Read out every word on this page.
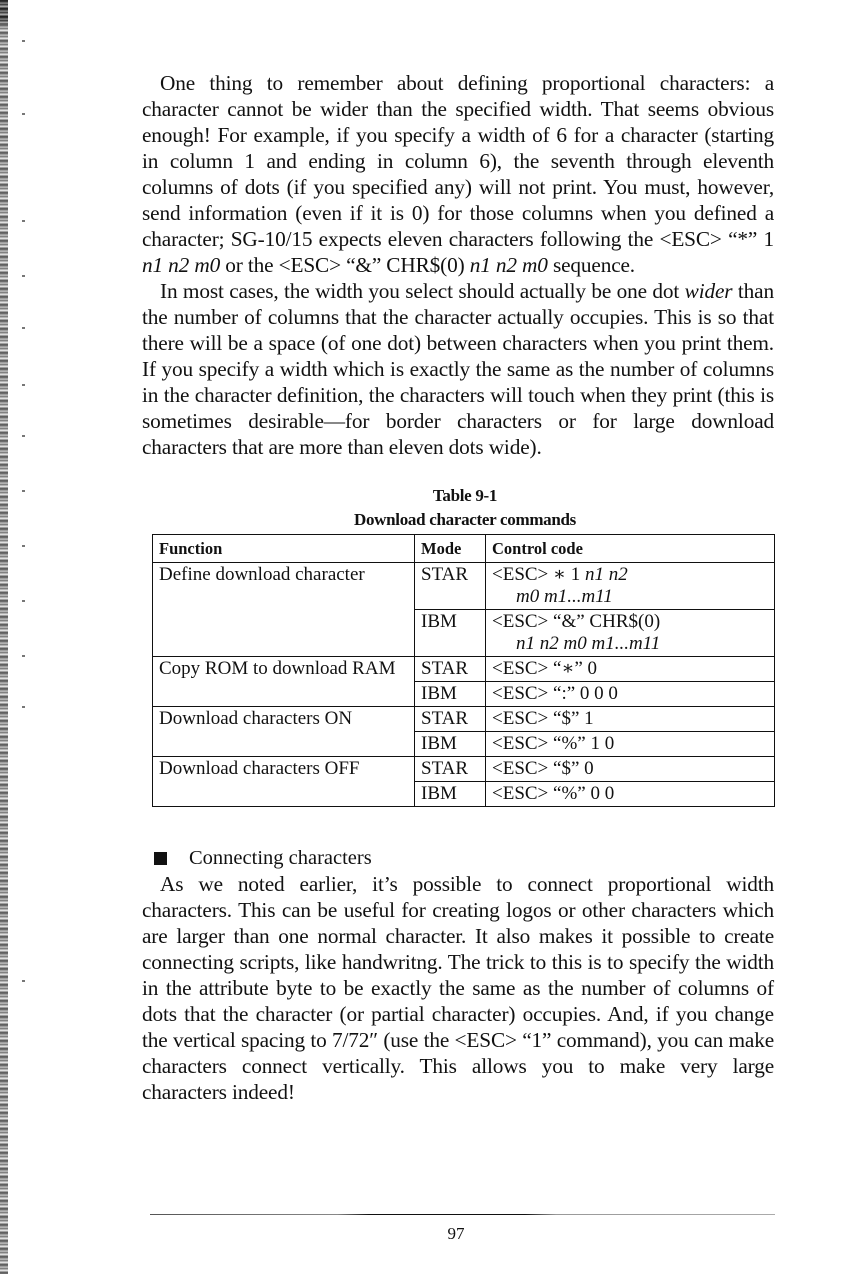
One thing to remember about defining proportional characters: a character cannot be wider than the specified width. That seems obvious enough! For example, if you specify a width of 6 for a character (starting in column 1 and ending in column 6), the seventh through eleventh columns of dots (if you specified any) will not print. You must, however, send information (even if it is 0) for those columns when you defined a character; SG-10/15 expects eleven characters following the <ESC> “*” 1 n1 n2 m0 or the <ESC> “&” CHR$(0) n1 n2 m0 sequence.

In most cases, the width you select should actually be one dot wider than the number of columns that the character actually occupies. This is so that there will be a space (of one dot) between characters when you print them. If you specify a width which is exactly the same as the number of columns in the character definition, the characters will touch when they print (this is sometimes desirable—for border characters or for large download characters that are more than eleven dots wide).

Table 9-1
Download character commands
Function	Mode	Control code
Define download character	STAR	<ESC> ∗ 1 n1 n2
m0 m1...m11

	IBM	<ESC> “&” CHR$(0)
n1 n2 m0 m1...m11

Copy ROM to download RAM	STAR	<ESC> “∗” 0
	IBM	<ESC> “:” 0 0 0
Download characters ON	STAR	<ESC> “$” 1
	IBM	<ESC> “%” 1 0
Download characters OFF	STAR	<ESC> “$” 0
	IBM	<ESC> “%” 0 0
Connecting characters

As we noted earlier, it’s possible to connect proportional width characters. This can be useful for creating logos or other characters which are larger than one normal character. It also makes it possible to create connecting scripts, like handwritng. The trick to this is to specify the width in the attribute byte to be exactly the same as the number of columns of dots that the character (or partial character) occupies. And, if you change the vertical spacing to 7/72″ (use the <ESC> “1” command), you can make characters connect vertically. This allows you to make very large characters indeed!

97
